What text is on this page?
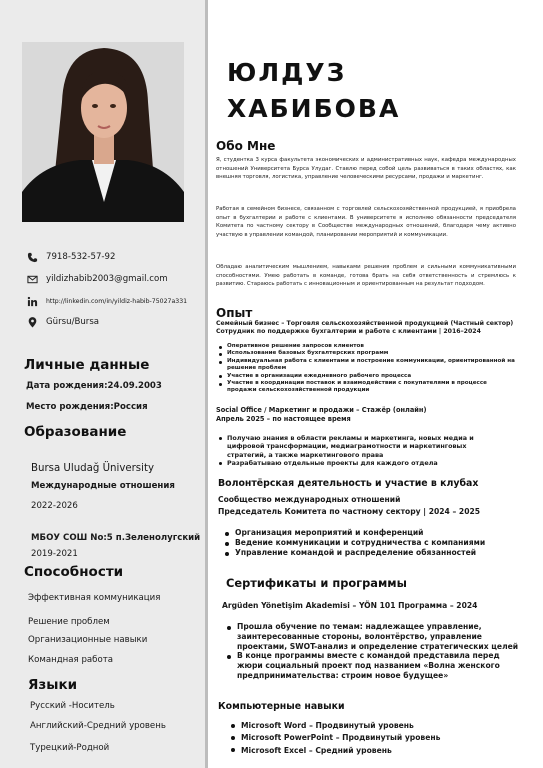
7918-532-57-92
yildizhabib2003@gmail.com
http://linkedin.com/in/yildiz-habib-75027a331
Gürsu/Bursa
Личные данные
Дата рождения:24.09.2003
Место рождения:Россия
Образование
Bursa Uludağ Üniversity
Международные отношения
2022-2026
МБОУ СОШ No:5 п.Зеленолугский
2019-2021
Способности
Эффективная коммуникация
Решение проблем
Организационные навыки
Командная работа
Языки
Русский -Носитель
Английский-Средний уровень
Турецкий-Родной
ЮЛДУЗ
ХАБИБОВА
Обо Мне
Я, студентка 3 курса факультета экономических и административных наук, кафедра международных отношений Университета Бурса Улудаг. Ставлю перед собой цель развиваться в таких областях, как внешняя торговля, логистика, управление человеческими ресурсами, продажи и маркетинг.
Работая в семейном бизнесе, связанном с торговлей сельскохозяйственной продукцией, я приобрела опыт в бухгалтерии и работе с клиентами. В университете я исполняю обязанности председателя Комитета по частному сектору в Сообществе международных отношений, благодаря чему активно участвую в управлении командой, планировании мероприятий и коммуникации.
Обладаю аналитическим мышлением, навыками решения проблем и сильными коммуникативными способностями. Умею работать в команде, готова брать на себя ответственность и стремлюсь к развитию. Стараюсь работать с инновационным и ориентированным на результат подходом.
Опыт
Семейный бизнес – Торговля сельскохозяйственной продукцией (Частный сектор)
Сотрудник по поддержке бухгалтерии и работе с клиентами | 2016–2024
Оперативное решение запросов клиентов
Использование базовых бухгалтерских программ
Индивидуальная работа с клиентами и построение коммуникации, ориентированной на решение проблем
Участие в организации ежедневного рабочего процесса
Участие в координации поставок и взаимодействии с покупателями в процессе продажи сельскохозяйственной продукции
Social Office / Маркетинг и продажи – Стажёр (онлайн)
Апрель 2025 – по настоящее время
Получаю знания в области рекламы и маркетинга, новых медиа и цифровой трансформации, медиаграмотности и маркетинговых стратегий, а также маркетингового права
Разрабатываю отдельные проекты для каждого отдела
Волонтёрская деятельность и участие в клубах
Сообщество международных отношений
Председатель Комитета по частному сектору | 2024 – 2025
Организация мероприятий и конференций
Ведение коммуникации и сотрудничества с компаниями
Управление командой и распределение обязанностей
Сертификаты и программы
Argüden Yönetişim Akademisi – YÖN 101 Программа – 2024
Прошла обучение по темам: надлежащее управление, заинтересованные стороны, волонтёрство, управление проектами, SWOT-анализ и определение стратегических целей
В конце программы вместе с командой представила перед жюри социальный проект под названием «Волна женского предпринимательства: строим новое будущее»
Компьютерные навыки
Microsoft Word – Продвинутый уровень
Microsoft PowerPoint – Продвинутый уровень
Microsoft Excel – Средний уровень
